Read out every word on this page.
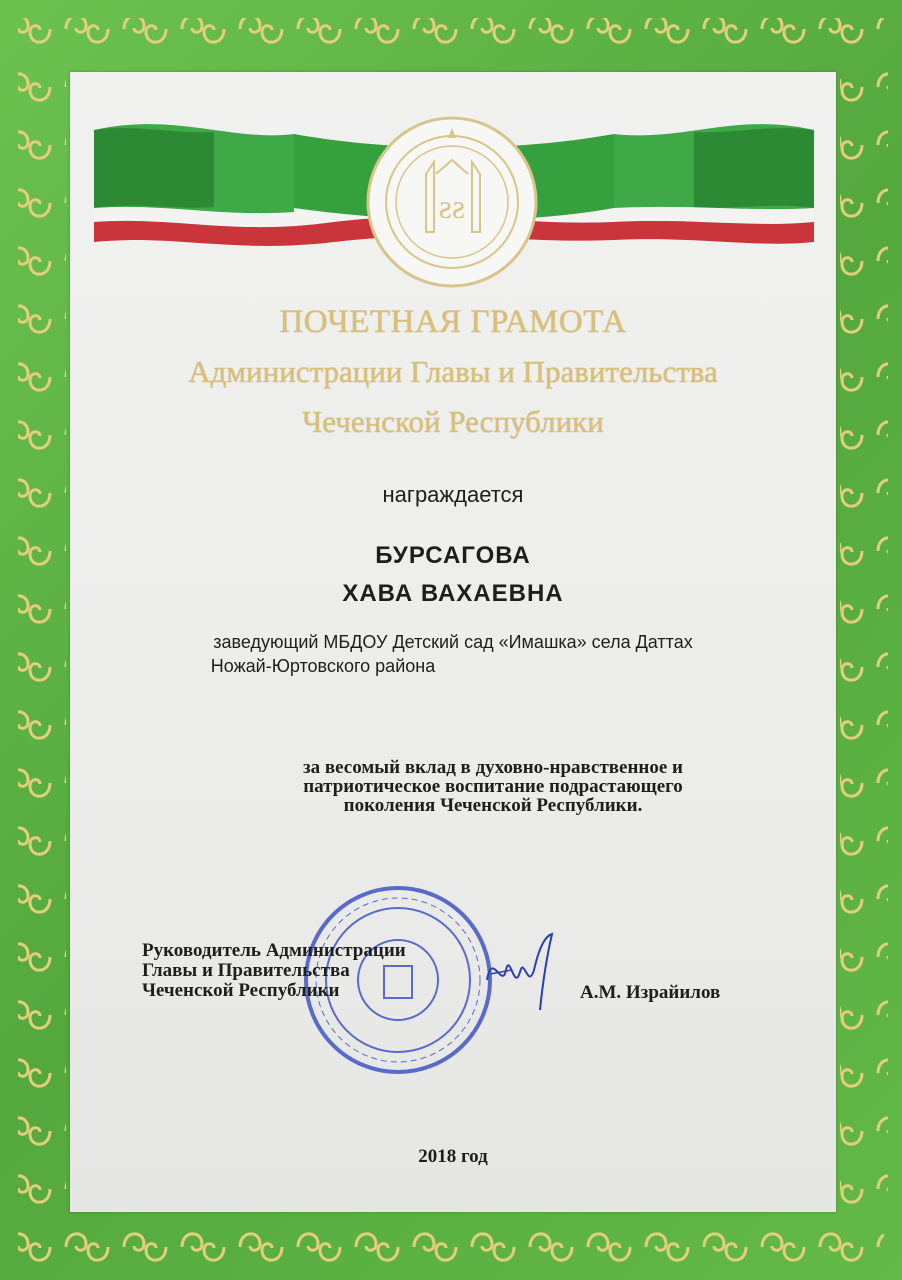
ƨƨ
ПОЧЕТНАЯ ГРАМОТА
Администрации Главы и Правительства
Чеченской Республики
награждается
БУРСАГОВА
ХАВА ВАХАЕВНА
заведующий МБДОУ Детский сад «Имашка» села Даттах
Ножай-Юртовского района
за весомый вклад в духовно-нравственное и
патриотическое воспитание подрастающего
поколения Чеченской Республики.
Руководитель Администрации
Главы и Правительства
Чеченской Республики	А.М. Израйилов
2018 год
